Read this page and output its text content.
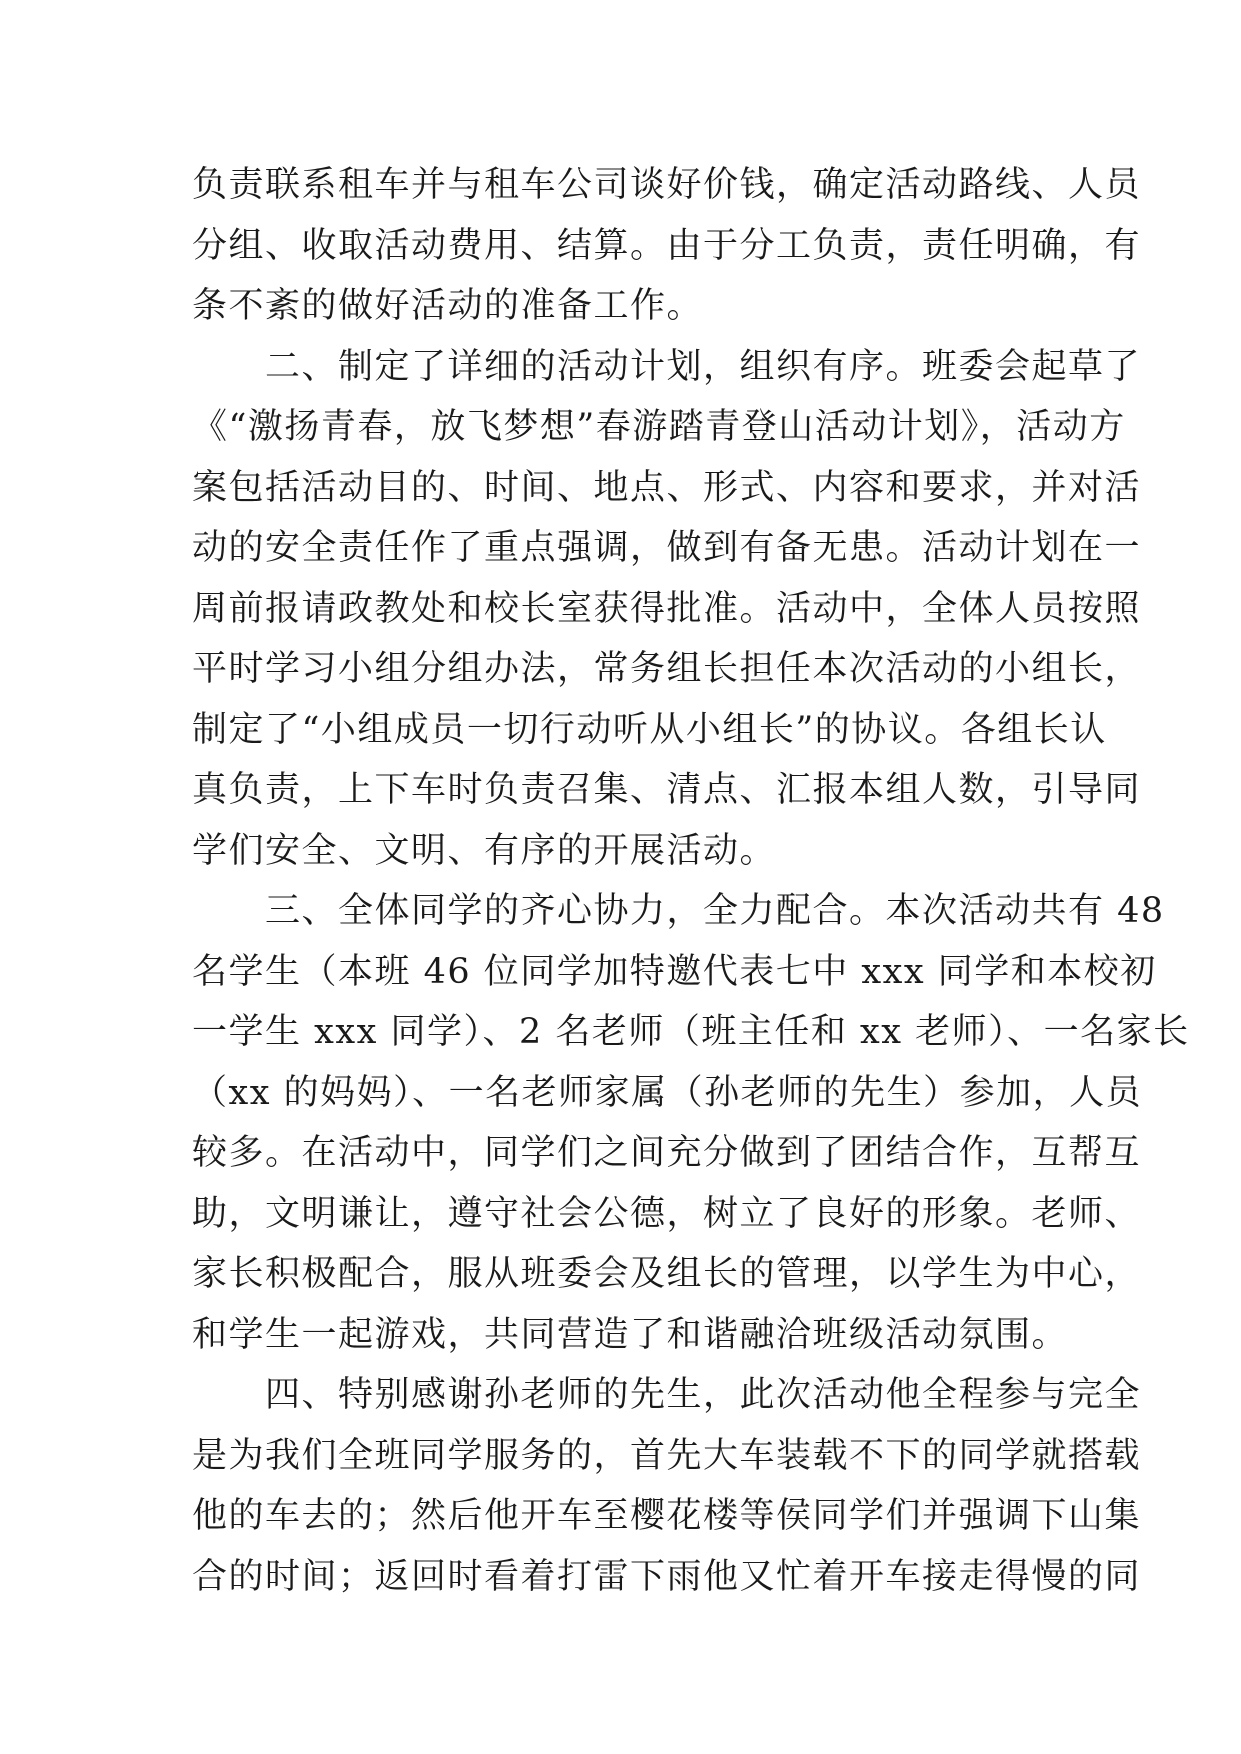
负责联系租车并与租车公司谈好价钱，确定活动路线、人员
分组、收取活动费用、结算。由于分工负责，责任明确，有
条不紊的做好活动的准备工作。
　　二、制定了详细的活动计划，组织有序。班委会起草了
《“激扬青春，放飞梦想”春游踏青登山活动计划》，活动方
案包括活动目的、时间、地点、形式、内容和要求，并对活
动的安全责任作了重点强调，做到有备无患。活动计划在一
周前报请政教处和校长室获得批准。活动中，全体人员按照
平时学习小组分组办法，常务组长担任本次活动的小组长，
制定了“小组成员一切行动听从小组长”的协议。各组长认
真负责，上下车时负责召集、清点、汇报本组人数，引导同
学们安全、文明、有序的开展活动。
　　三、全体同学的齐心协力，全力配合。本次活动共有 48
名学生（本班 46 位同学加特邀代表七中 xxx 同学和本校初
一学生 xxx 同学）、2 名老师（班主任和 xx 老师）、一名家长
（xx 的妈妈）、一名老师家属（孙老师的先生）参加，人员
较多。在活动中，同学们之间充分做到了团结合作，互帮互
助，文明谦让，遵守社会公德，树立了良好的形象。老师、
家长积极配合，服从班委会及组长的管理，以学生为中心，
和学生一起游戏，共同营造了和谐融洽班级活动氛围。
　　四、特别感谢孙老师的先生，此次活动他全程参与完全
是为我们全班同学服务的，首先大车装载不下的同学就搭载
他的车去的；然后他开车至樱花楼等侯同学们并强调下山集
合的时间；返回时看着打雷下雨他又忙着开车接走得慢的同
